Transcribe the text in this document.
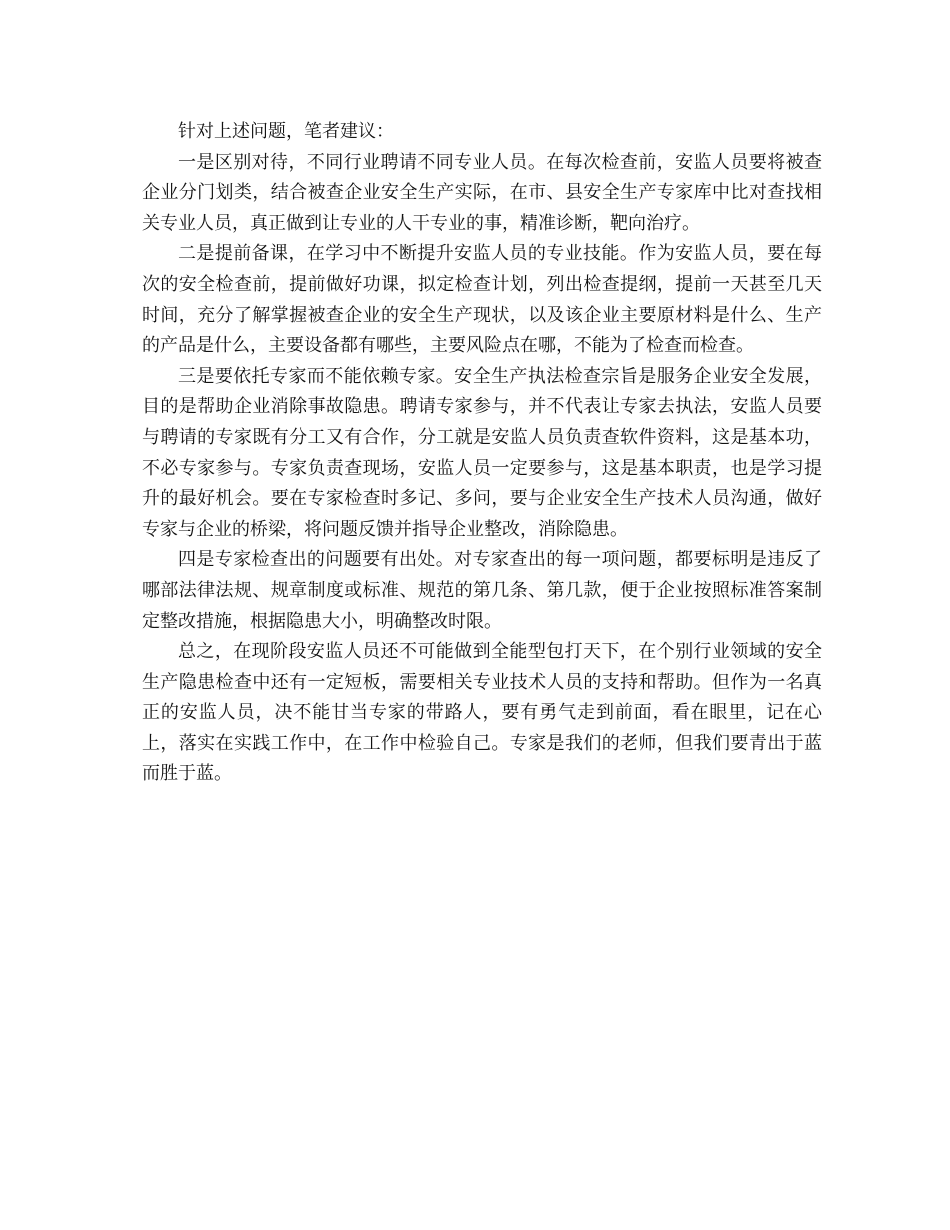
针对上述问题，笔者建议：

一是区别对待，不同行业聘请不同专业人员。在每次检查前，安监人员要将被查企业分门划类，结合被查企业安全生产实际，在市、县安全生产专家库中比对查找相关专业人员，真正做到让专业的人干专业的事，精准诊断，靶向治疗。

二是提前备课，在学习中不断提升安监人员的专业技能。作为安监人员，要在每次的安全检查前，提前做好功课，拟定检查计划，列出检查提纲，提前一天甚至几天时间，充分了解掌握被查企业的安全生产现状，以及该企业主要原材料是什么、生产的产品是什么，主要设备都有哪些，主要风险点在哪，不能为了检查而检查。

三是要依托专家而不能依赖专家。安全生产执法检查宗旨是服务企业安全发展，目的是帮助企业消除事故隐患。聘请专家参与，并不代表让专家去执法，安监人员要与聘请的专家既有分工又有合作，分工就是安监人员负责查软件资料，这是基本功，不必专家参与。专家负责查现场，安监人员一定要参与，这是基本职责，也是学习提升的最好机会。要在专家检查时多记、多问，要与企业安全生产技术人员沟通，做好专家与企业的桥梁，将问题反馈并指导企业整改，消除隐患。

四是专家检查出的问题要有出处。对专家查出的每一项问题，都要标明是违反了哪部法律法规、规章制度或标准、规范的第几条、第几款，便于企业按照标准答案制定整改措施，根据隐患大小，明确整改时限。

总之，在现阶段安监人员还不可能做到全能型包打天下，在个别行业领域的安全生产隐患检查中还有一定短板，需要相关专业技术人员的支持和帮助。但作为一名真正的安监人员，决不能甘当专家的带路人，要有勇气走到前面，看在眼里，记在心上，落实在实践工作中，在工作中检验自己。专家是我们的老师，但我们要青出于蓝而胜于蓝。
